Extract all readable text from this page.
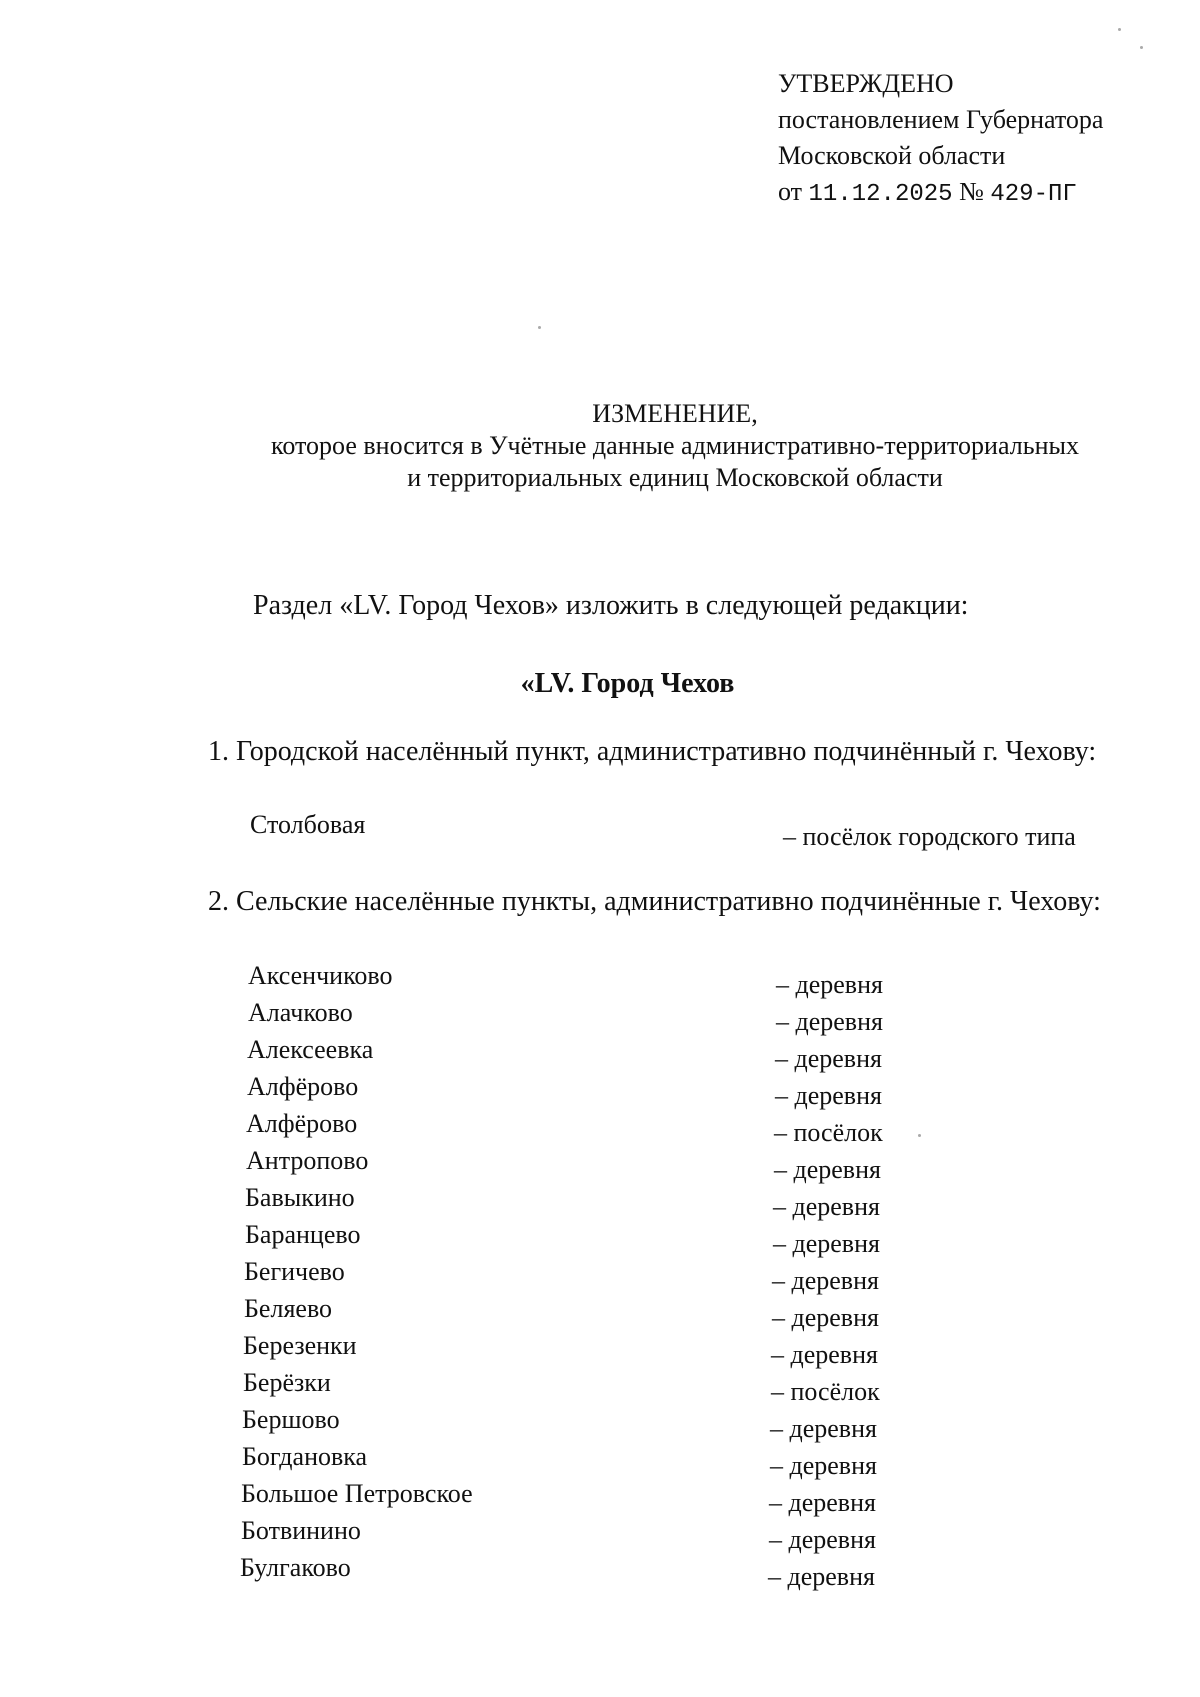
УТВЕРЖДЕНО
постановлением Губернатора
Московской области
от 11.12.2025 № 429-ПГ
ИЗМЕНЕНИЕ,
которое вносится в Учётные данные административно-территориальных
и территориальных единиц Московской области
Раздел «LV. Город Чехов» изложить в следующей редакции:
«LV. Город Чехов
1. Городской населённый пункт, административно подчинённый г. Чехову:
Столбовая	– посёлок городского типа
2. Сельские населённые пункты, административно подчинённые г. Чехову:
Аксенчиково	– деревня
Алачково	– деревня
Алексеевка	– деревня
Алфёрово	– деревня
Алфёрово	– посёлок
Антропово	– деревня
Бавыкино	– деревня
Баранцево	– деревня
Бегичево	– деревня
Беляево	– деревня
Березенки	– деревня
Берёзки	– посёлок
Бершово	– деревня
Богдановка	– деревня
Большое Петровское	– деревня
Ботвинино	– деревня
Булгаково	– деревня
